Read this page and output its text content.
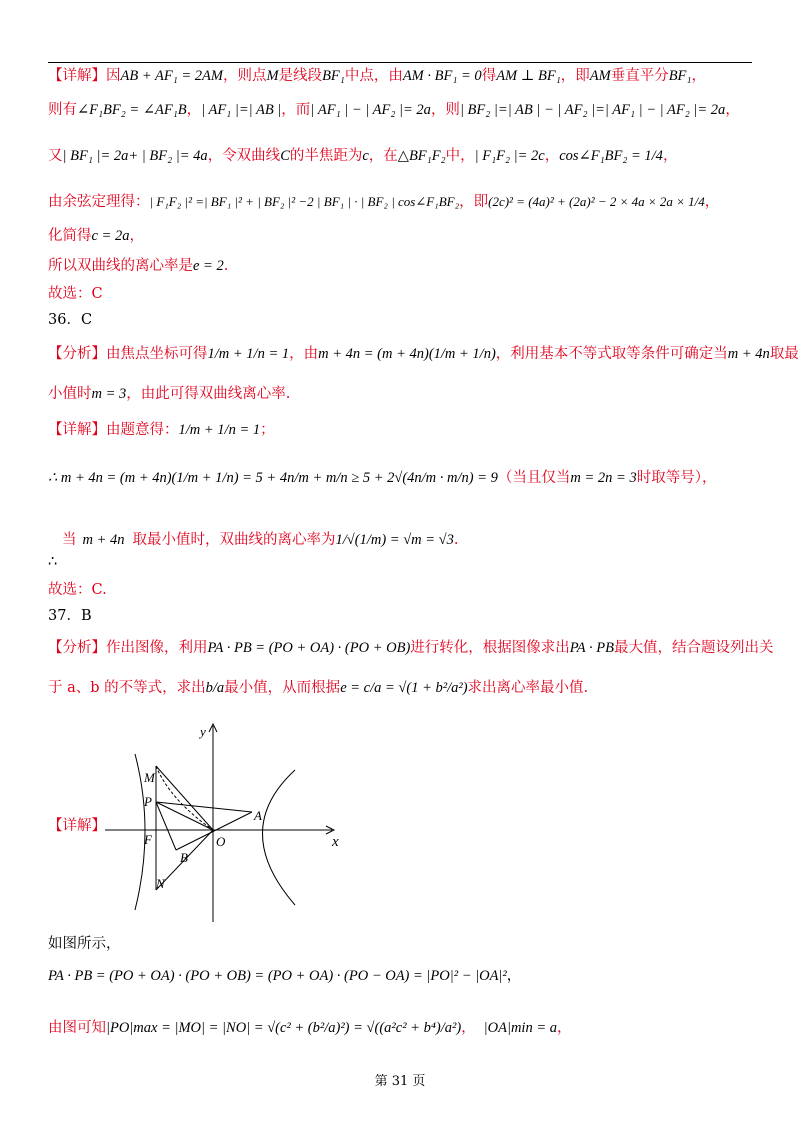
【详解】因AB + AF₁ = 2AM，则点M是线段BF₁中点，由AM · BF₁ = 0得AM ⊥ BF₁，即AM垂直平分BF₁，
则有∠F₁BF₂ = ∠AF₁B，| AF₁ |=| AB |，而| AF₁ | − | AF₂ |= 2a，则| BF₂ |=| AB | − | AF₂ |=| AF₁ | − | AF₂ |= 2a，
又| BF₁ |= 2a+ | BF₂ |= 4a，令双曲线C的半焦距为c，在△BF₁F₂中，| F₁F₂ |= 2c，cos∠F₁BF₂ = 1/4，
由余弦定理得：| F₁F₂ |² =| BF₁ |² + | BF₂ |² −2 | BF₁ | · | BF₂ | cos∠F₁BF₂，即(2c)² = (4a)² + (2a)² − 2 × 4a × 2a × 1/4，
化简得c = 2a，
所以双曲线的离心率是e = 2.
故选：C
36．C
【分析】由焦点坐标可得1/m + 1/n = 1，由m + 4n = (m + 4n)(1/m + 1/n)，利用基本不等式取等条件可确定当m + 4n取最
小值时m = 3，由此可得双曲线离心率.
【详解】由题意得：1/m + 1/n = 1；
∴ m + 4n = (m + 4n)(1/m + 1/n) = 5 + 4n/m + m/n ≥ 5 + 2√(4n/m · m/n) = 9（当且仅当m = 2n = 3时取等号），
当 m + 4n 取最小值时，双曲线的离心率为1/√(1/m) = √m = √3.
∴
故选：C.
37．B
【分析】作出图像，利用PA · PB = (PO + OA) · (PO + OB)进行转化，根据图像求出PA · PB最大值，结合题设列出关
于 a、b 的不等式，求出b/a最小值，从而根据e = c/a = √(1 + b²/a²)求出离心率最小值.
【详解】
y
x
M
P
A
F	O
B
N
如图所示，
PA · PB = (PO + OA) · (PO + OB) = (PO + OA) · (PO − OA) = |PO|² − |OA|²，
由图可知|PO|max = |MO| = |NO| = √(c² + (b²/a)²) = √((a²c² + b⁴)/a²)， |OA|min = a，
第 31 页
